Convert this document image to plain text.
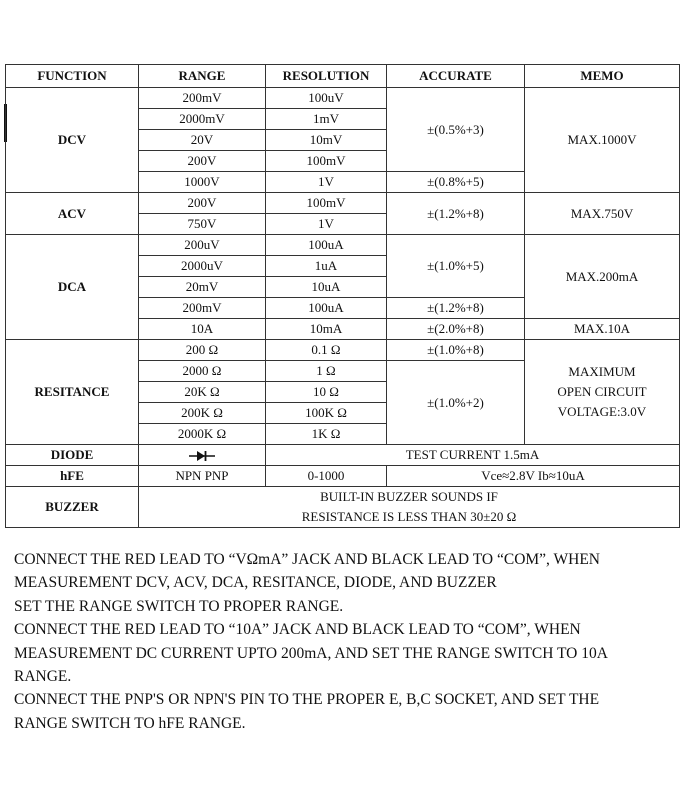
FUNCTION	RANGE	RESOLUTION	ACCURATE	MEMO
DCV	200mV	100uV	±(0.5%+3)	MAX.1000V
	2000mV	1mV		
	20V	10mV		
	200V	100mV		
	1000V	1V	±(0.8%+5)	
ACV	200V	100mV	±(1.2%+8)	MAX.750V
	750V	1V		
DCA	200uV	100uA	±(1.0%+5)	MAX.200mA
	2000uV	1uA		
	20mV	10uA		
	200mV	100uA	±(1.2%+8)	
	10A	10mA	±(2.0%+8)	MAX.10A
RESITANCE	200 Ω	0.1 Ω	±(1.0%+8)	MAXIMUM
OPEN CIRCUIT
VOLTAGE:3.0V

	2000 Ω	1 Ω	±(1.0%+2)	
	20K Ω	10 Ω		
	200K Ω	100K Ω		
	2000K Ω	1K Ω		
DIODE		TEST CURRENT 1.5mA		
hFE	NPN PNP	0-1000	Vce≈2.8V Ib≈10uA	
BUZZER	BUILT-IN BUZZER SOUNDS IF
RESISTANCE IS LESS THAN 30±20 Ω			

CONNECT THE RED LEAD TO “VΩmA” JACK AND BLACK LEAD TO “COM”, WHEN

MEASUREMENT DCV, ACV, DCA, RESITANCE, DIODE, AND BUZZER

SET THE RANGE SWITCH TO PROPER RANGE.

CONNECT THE RED LEAD TO “10A” JACK AND BLACK LEAD TO “COM”, WHEN

MEASUREMENT DC CURRENT UPTO 200mA, AND SET THE RANGE SWITCH TO 10A

RANGE.

CONNECT THE PNP'S OR NPN'S PIN TO THE PROPER E, B,C SOCKET, AND SET THE

RANGE SWITCH TO hFE RANGE.
